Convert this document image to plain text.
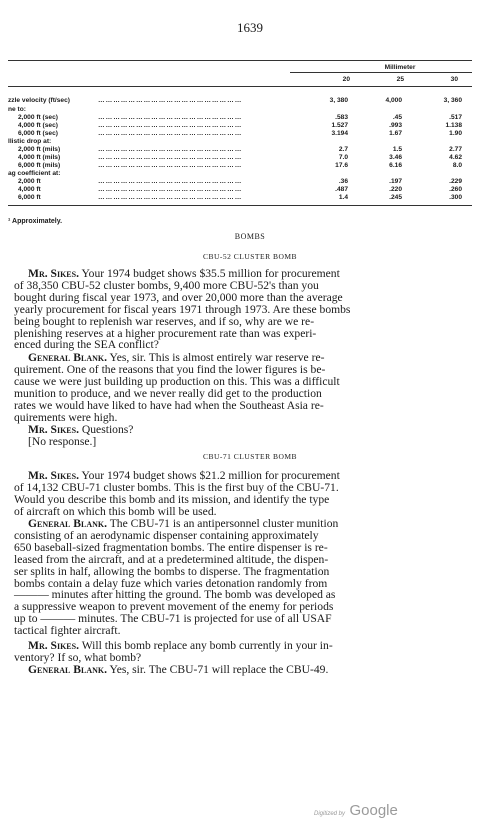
1639
Millimeter
20	25	30
zzle velocity (ft/sec)	…………………………………………………	3, 380	4,000	3, 360
ne to:
2,000 ft (sec)	…………………………………………………	.583	.45	.517
4,000 ft (sec)	…………………………………………………	1.527	.993	1.138
6,000 ft (sec)	…………………………………………………	3.194	1.67	1.90
llistic drop at:
2,000 ft (mils)	…………………………………………………	2.7	1.5	2.77
4,000 ft (mils)	…………………………………………………	7.0	3.46	4.62
6,000 ft (mils)	…………………………………………………	17.6	6.16	8.0
ag coefficient at:
2,000 ft	…………………………………………………	.36	.197	.229
4,000 ft	…………………………………………………	.487	.220	.260
6,000 ft	…………………………………………………	1.4	.245	.300
¹ Approximately.
BOMBS
CBU-52 CLUSTER BOMB
Mr. Sikes. Your 1974 budget shows $35.5 million for procurement
of 38,350 CBU-52 cluster bombs, 9,400 more CBU-52's than you
bought during fiscal year 1973, and over 20,000 more than the average
yearly procurement for fiscal years 1971 through 1973. Are these bombs
being bought to replenish war reserves, and if so, why are we re-
plenishing reserves at a higher procurement rate than was experi-
enced during the SEA conflict?
General Blank. Yes, sir. This is almost entirely war reserve re-
quirement. One of the reasons that you find the lower figures is be-
cause we were just building up production on this. This was a difficult
munition to produce, and we never really did get to the production
rates we would have liked to have had when the Southeast Asia re-
quirements were high.
Mr. Sikes. Questions?
[No response.]
CBU-71 CLUSTER BOMB
Mr. Sikes. Your 1974 budget shows $21.2 million for procurement
of 14,132 CBU-71 cluster bombs. This is the first buy of the CBU-71.
Would you describe this bomb and its mission, and identify the type
of aircraft on which this bomb will be used.
General Blank. The CBU-71 is an antipersonnel cluster munition
consisting of an aerodynamic dispenser containing approximately
650 baseball-sized fragmentation bombs. The entire dispenser is re-
leased from the aircraft, and at a predetermined altitude, the dispen-
ser splits in half, allowing the bombs to disperse. The fragmentation
bombs contain a delay fuze which varies detonation randomly from
——— minutes after hitting the ground. The bomb was developed as
a suppressive weapon to prevent movement of the enemy for periods
up to ——— minutes. The CBU-71 is projected for use of all USAF
tactical fighter aircraft.
Mr. Sikes. Will this bomb replace any bomb currently in your in-
ventory? If so, what bomb?
General Blank. Yes, sir. The CBU-71 will replace the CBU-49.
Digitized by Google
